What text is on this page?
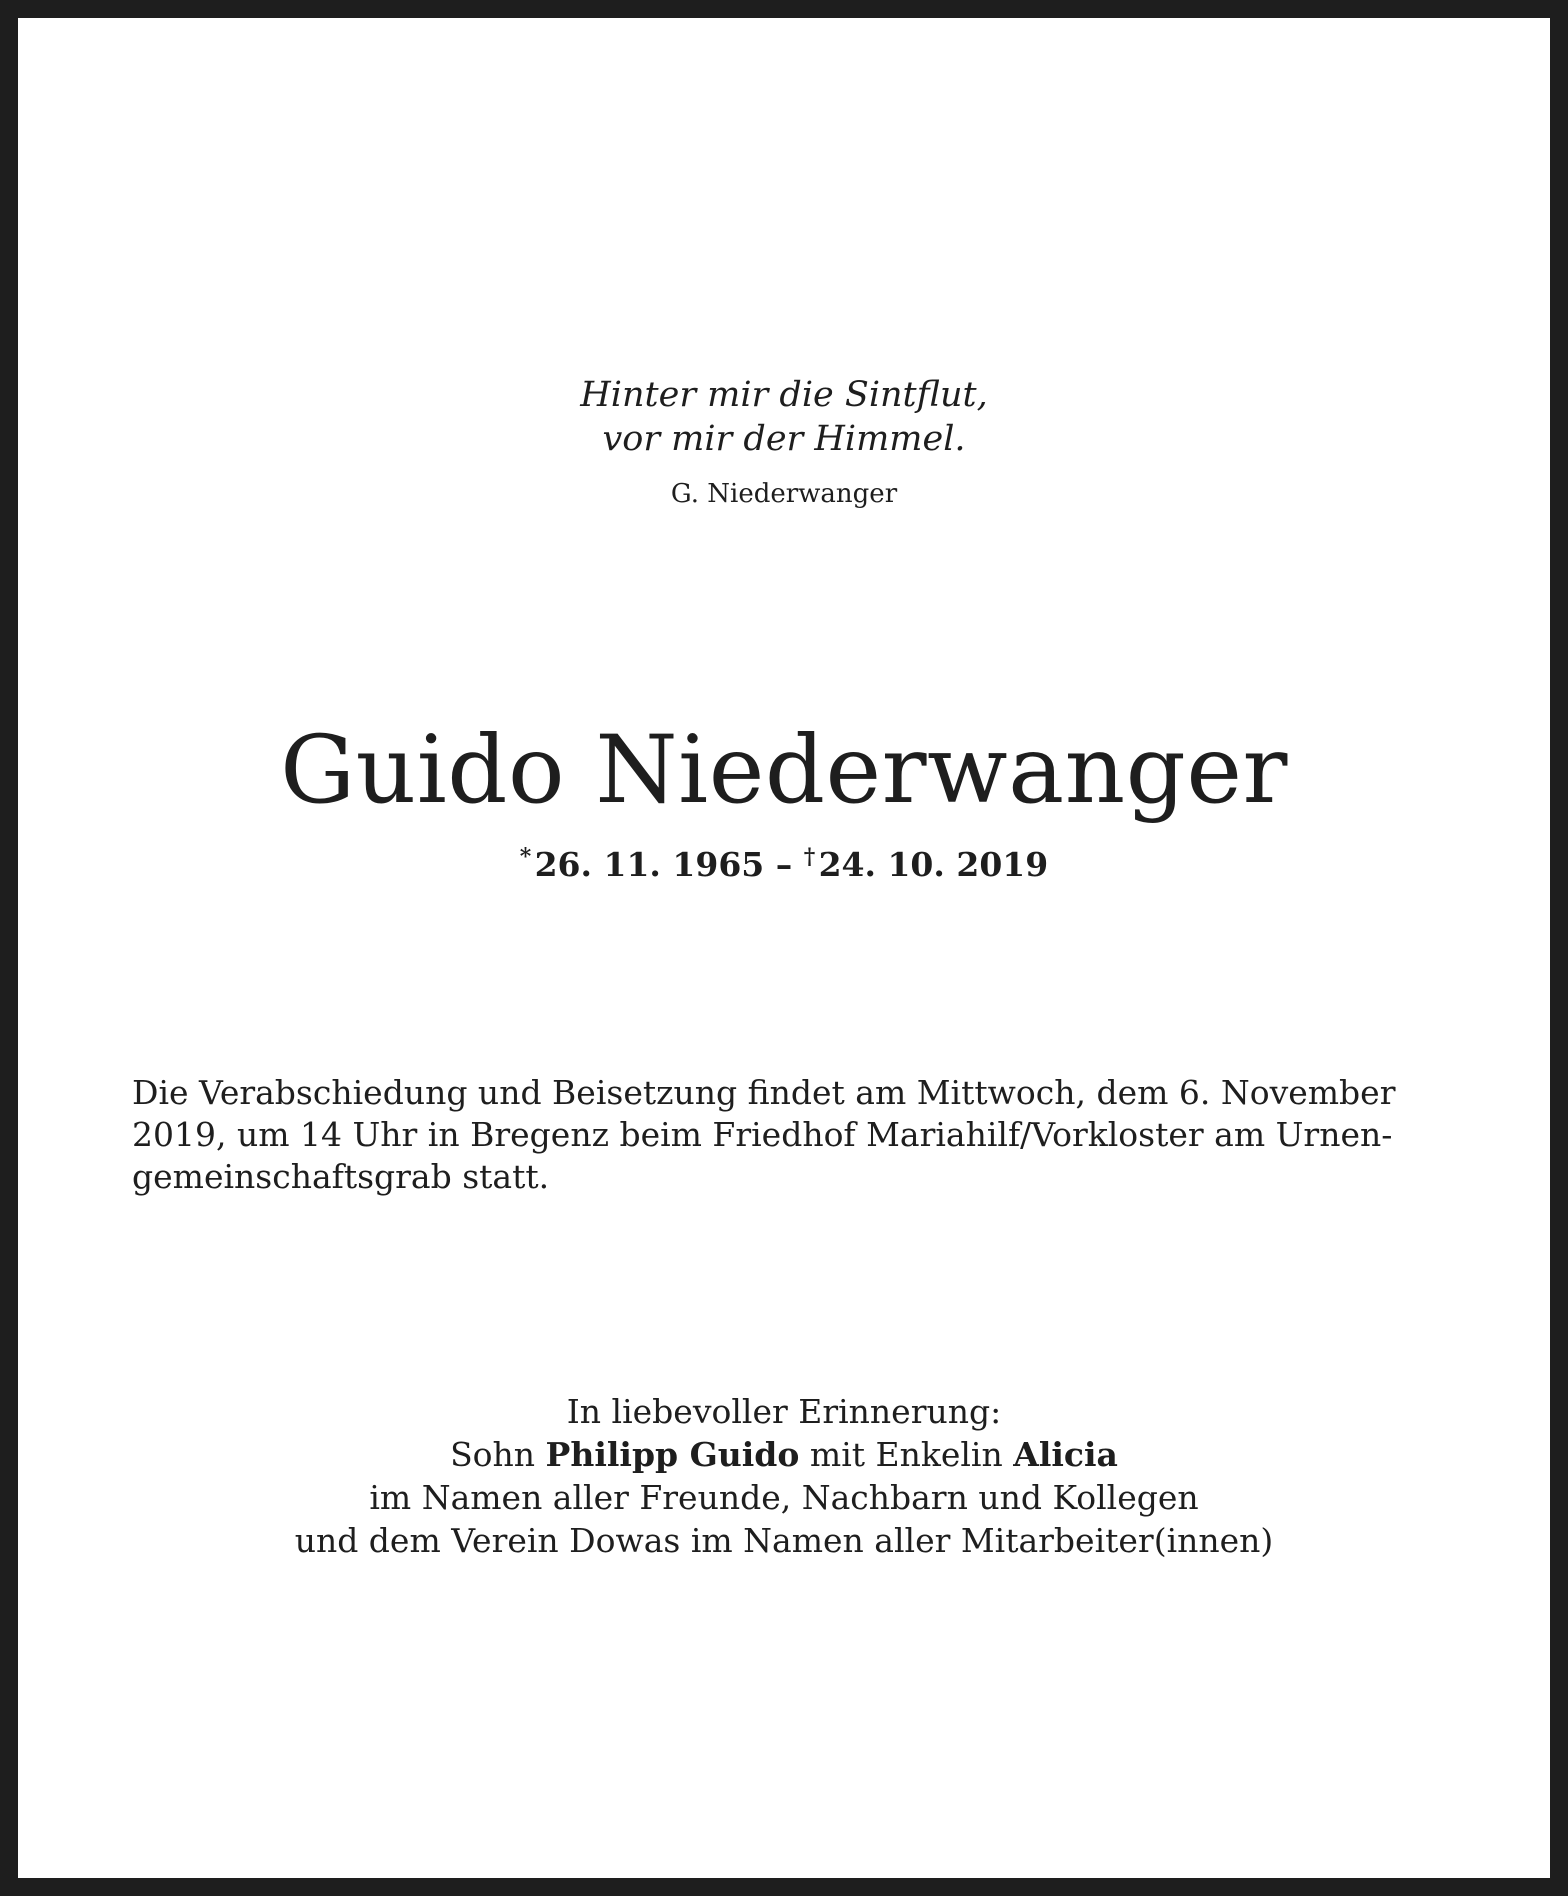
Hinter mir die Sintflut,
vor mir der Himmel.
G. Niederwanger
Guido Niederwanger
* 26. 11. 1965 – † 24. 10. 2019
Die Verabschiedung und Beisetzung findet am Mittwoch, dem 6. November
2019, um 14 Uhr in Bregenz beim Friedhof Mariahilf/Vorkloster am Urnen-
gemeinschaftsgrab statt.
In liebevoller Erinnerung:
Sohn Philipp Guido mit Enkelin Alicia
im Namen aller Freunde, Nachbarn und Kollegen
und dem Verein Dowas im Namen aller Mitarbeiter(innen)
